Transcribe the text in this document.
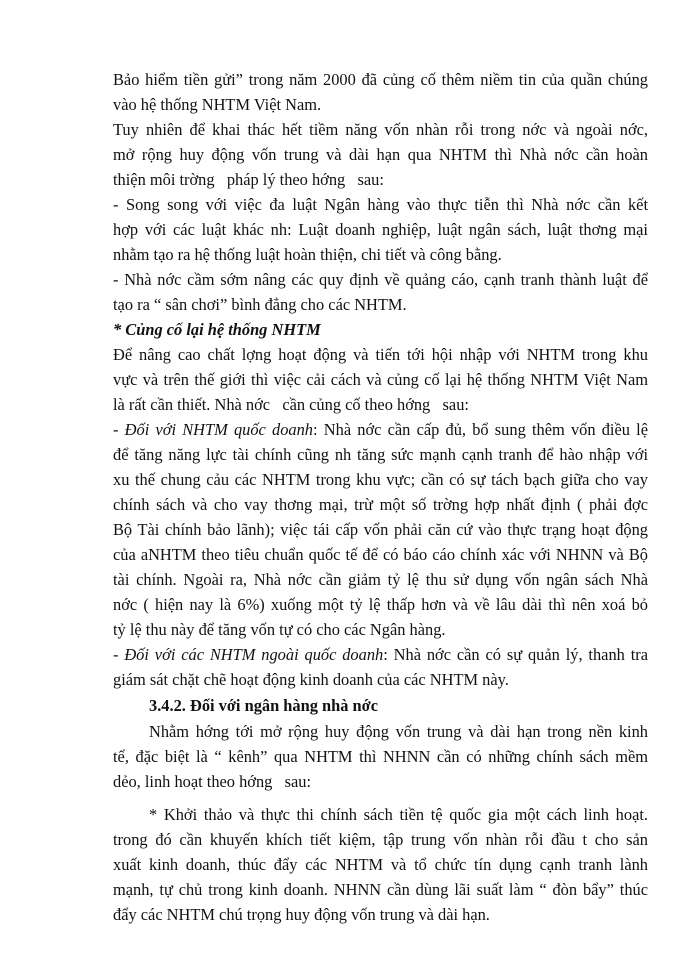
Bảo hiểm tiền gửi” trong năm 2000 đã củng cố thêm niềm tin của quần chúng
vào hệ thống NHTM Việt Nam.
Tuy nhiên để khai thác hết tiềm năng vốn nhàn rỗi trong nớc và ngoài nớc,
mở rộng huy động vốn trung và dài hạn qua NHTM thì Nhà nớc cần hoàn
thiện môi trờng   pháp lý theo hớng   sau:
- Song song với việc đa luật Ngân hàng vào thực tiễn thì Nhà nớc cần kết
hợp với các luật khác nh: Luật doanh nghiệp, luật ngân sách, luật thơng mại
nhằm tạo ra hệ thống luật hoàn thiện, chi tiết và công bằng.
- Nhà nớc cầm sớm nâng các quy định về quảng cáo, cạnh tranh thành luật để
tạo ra “ sân chơi” bình đẳng cho các NHTM.
* Củng cố lại hệ thống NHTM
Để nâng cao chất lợng hoạt động và tiến tới hội nhập với NHTM trong khu
vực và trên thế giới thì việc cải cách và củng cố lại hệ thống NHTM Việt Nam
là rất cần thiết. Nhà nớc   cần củng cố theo hớng   sau:
- Đối với NHTM quốc doanh: Nhà nớc cần cấp đủ, bổ sung thêm vốn điều lệ
để tăng năng lực tài chính cũng nh tăng sức mạnh cạnh tranh để hào nhập với
xu thế chung cảu các NHTM trong khu vực; cần có sự tách bạch giữa cho vay
chính sách và cho vay thơng mại, trừ một số trờng hợp nhất định ( phải đợc
Bộ Tài chính bảo lãnh); việc tái cấp vốn phải căn cứ vào thực trạng hoạt động
của aNHTM theo tiêu chuẩn quốc tế để có báo cáo chính xác với NHNN và Bộ
tài chính. Ngoài ra, Nhà nớc cần giảm tỷ lệ thu sử dụng vốn ngân sách Nhà
nớc ( hiện nay là 6%) xuống một tỷ lệ thấp hơn và về lâu dài thì nên xoá bỏ
tỷ lệ thu này để tăng vốn tự có cho các Ngân hàng.
- Đối với các NHTM ngoài quốc doanh: Nhà nớc cần có sự quản lý, thanh tra
giám sát chặt chẽ hoạt động kinh doanh của các NHTM này.
3.4.2. Đối với ngân hàng nhà nớc
Nhằm hớng tới mở rộng huy động vốn trung và dài hạn trong nền kinh
tế, đặc biệt là “ kênh” qua NHTM thì NHNN cần có những chính sách mềm
dẻo, linh hoạt theo hớng   sau:
* Khởi thảo và thực thi chính sách tiền tệ quốc gia một cách linh hoạt.
trong đó cần khuyến khích tiết kiệm, tập trung vốn nhàn rỗi đầu t cho sản
xuất kinh doanh, thúc đẩy các NHTM và tổ chức tín dụng cạnh tranh lành
mạnh, tự chủ trong kinh doanh. NHNN cần dùng lãi suất làm “ đòn bẩy” thúc
đẩy các NHTM chú trọng huy động vốn trung và dài hạn.
